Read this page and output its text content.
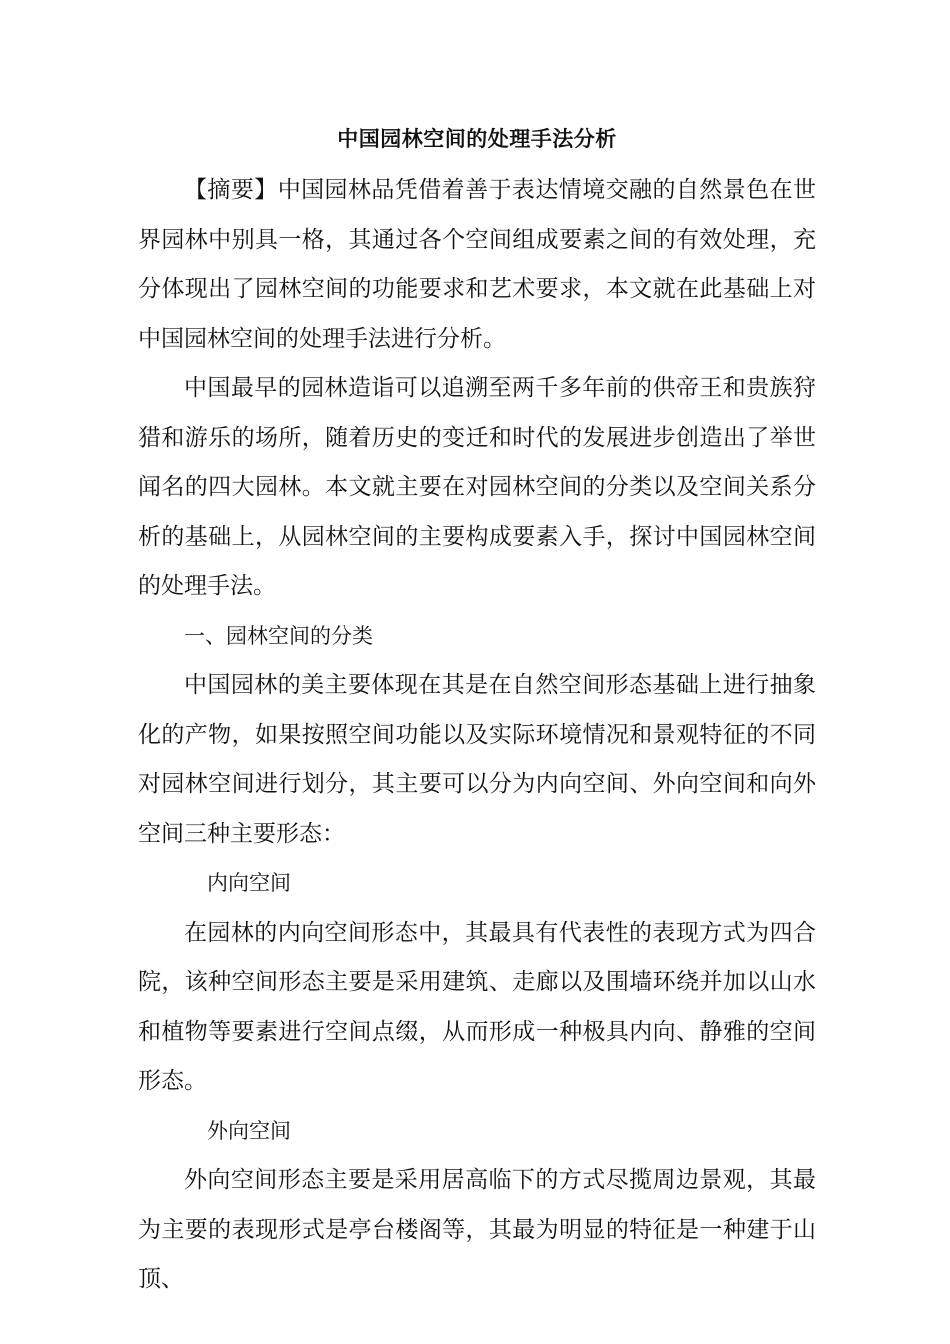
中国园林空间的处理手法分析

【摘要】中国园林品凭借着善于表达情境交融的自然景色在世界园林中别具一格，其通过各个空间组成要素之间的有效处理，充分体现出了园林空间的功能要求和艺术要求，本文就在此基础上对中国园林空间的处理手法进行分析。

中国最早的园林造诣可以追溯至两千多年前的供帝王和贵族狩猎和游乐的场所，随着历史的变迁和时代的发展进步创造出了举世闻名的四大园林。本文就主要在对园林空间的分类以及空间关系分析的基础上，从园林空间的主要构成要素入手，探讨中国园林空间的处理手法。

一、园林空间的分类

中国园林的美主要体现在其是在自然空间形态基础上进行抽象化的产物，如果按照空间功能以及实际环境情况和景观特征的不同对园林空间进行划分，其主要可以分为内向空间、外向空间和向外空间三种主要形态：

内向空间

在园林的内向空间形态中，其最具有代表性的表现方式为四合院，该种空间形态主要是采用建筑、走廊以及围墙环绕并加以山水和植物等要素进行空间点缀，从而形成一种极具内向、静雅的空间形态。

外向空间

外向空间形态主要是采用居高临下的方式尽揽周边景观，其最为主要的表现形式是亭台楼阁等，其最为明显的特征是一种建于山顶、
